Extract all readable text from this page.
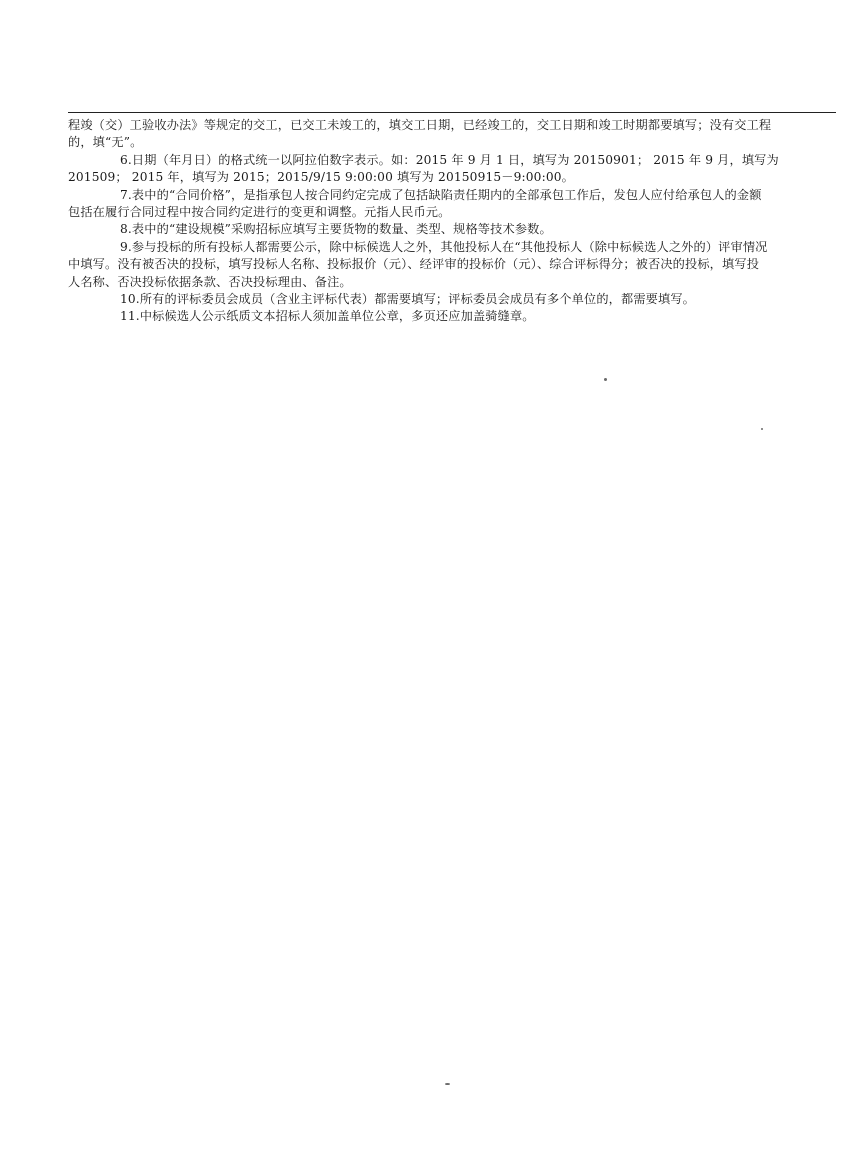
程竣（交）工验收办法》等规定的交工，已交工未竣工的，填交工日期，已经竣工的，交工日期和竣工时期都要填写；没有交工程
的，填“无”。
6.日期（年月日）的格式统一以阿拉伯数字表示。如：2015 年 9 月 1 日，填写为 20150901； 2015 年 9 月，填写为
201509； 2015 年，填写为 2015；2015/9/15 9:00:00 填写为 20150915－9:00:00。
7.表中的“合同价格”，是指承包人按合同约定完成了包括缺陷责任期内的全部承包工作后，发包人应付给承包人的金额
包括在履行合同过程中按合同约定进行的变更和调整。元指人民币元。
8.表中的“建设规模”采购招标应填写主要货物的数量、类型、规格等技术参数。
9.参与投标的所有投标人都需要公示，除中标候选人之外，其他投标人在“其他投标人（除中标候选人之外的）评审情况
中填写。没有被否决的投标，填写投标人名称、投标报价（元）、经评审的投标价（元）、综合评标得分；被否决的投标，填写投
人名称、否决投标依据条款、否决投标理由、备注。
10.所有的评标委员会成员（含业主评标代表）都需要填写；评标委员会成员有多个单位的，都需要填写。
11.中标候选人公示纸质文本招标人须加盖单位公章，多页还应加盖骑缝章。
